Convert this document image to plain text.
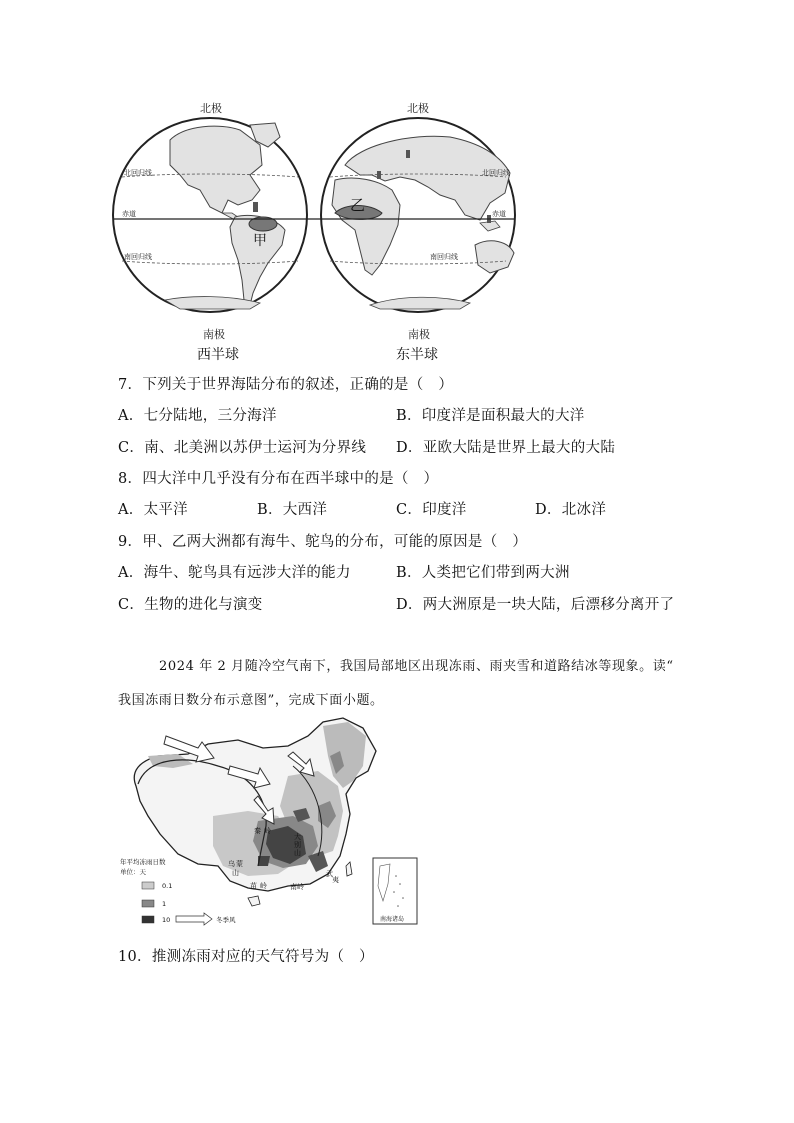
北极
南极
北回归线
赤道
南回归线
甲
北极
南极
北回归线
赤道
南回归线
乙
西半球	东半球
7．下列关于世界海陆分布的叙述，正确的是（　）
A．七分陆地，三分海洋	B．印度洋是面积最大的大洋
C．南、北美洲以苏伊士运河为分界线 D．亚欧大陆是世界上最大的大陆
8．四大洋中几乎没有分布在西半球中的是（　）
A．太平洋	B．大西洋	C．印度洋	D．北冰洋
9．甲、乙两大洲都有海牛、鸵鸟的分布，可能的原因是（　）
A．海牛、鸵鸟具有远涉大洋的能力	B．人类把它们带到两大洲
C．生物的进化与演变	D．两大洲原是一块大陆，后漂移分离开了
2024 年 2 月随冷空气南下，我国局部地区出现冻雨、雨夹雪和道路结冰等现象。读“
我国冻雨日数分布示意图”，完成下面小题。
秦 岭
大
别
山
乌 蒙
山
苗 岭	南岭
武
夷
南海诸岛
年平均冻雨日数
单位：天
0.1
1
10	冬季风
10．推测冻雨对应的天气符号为（　）
